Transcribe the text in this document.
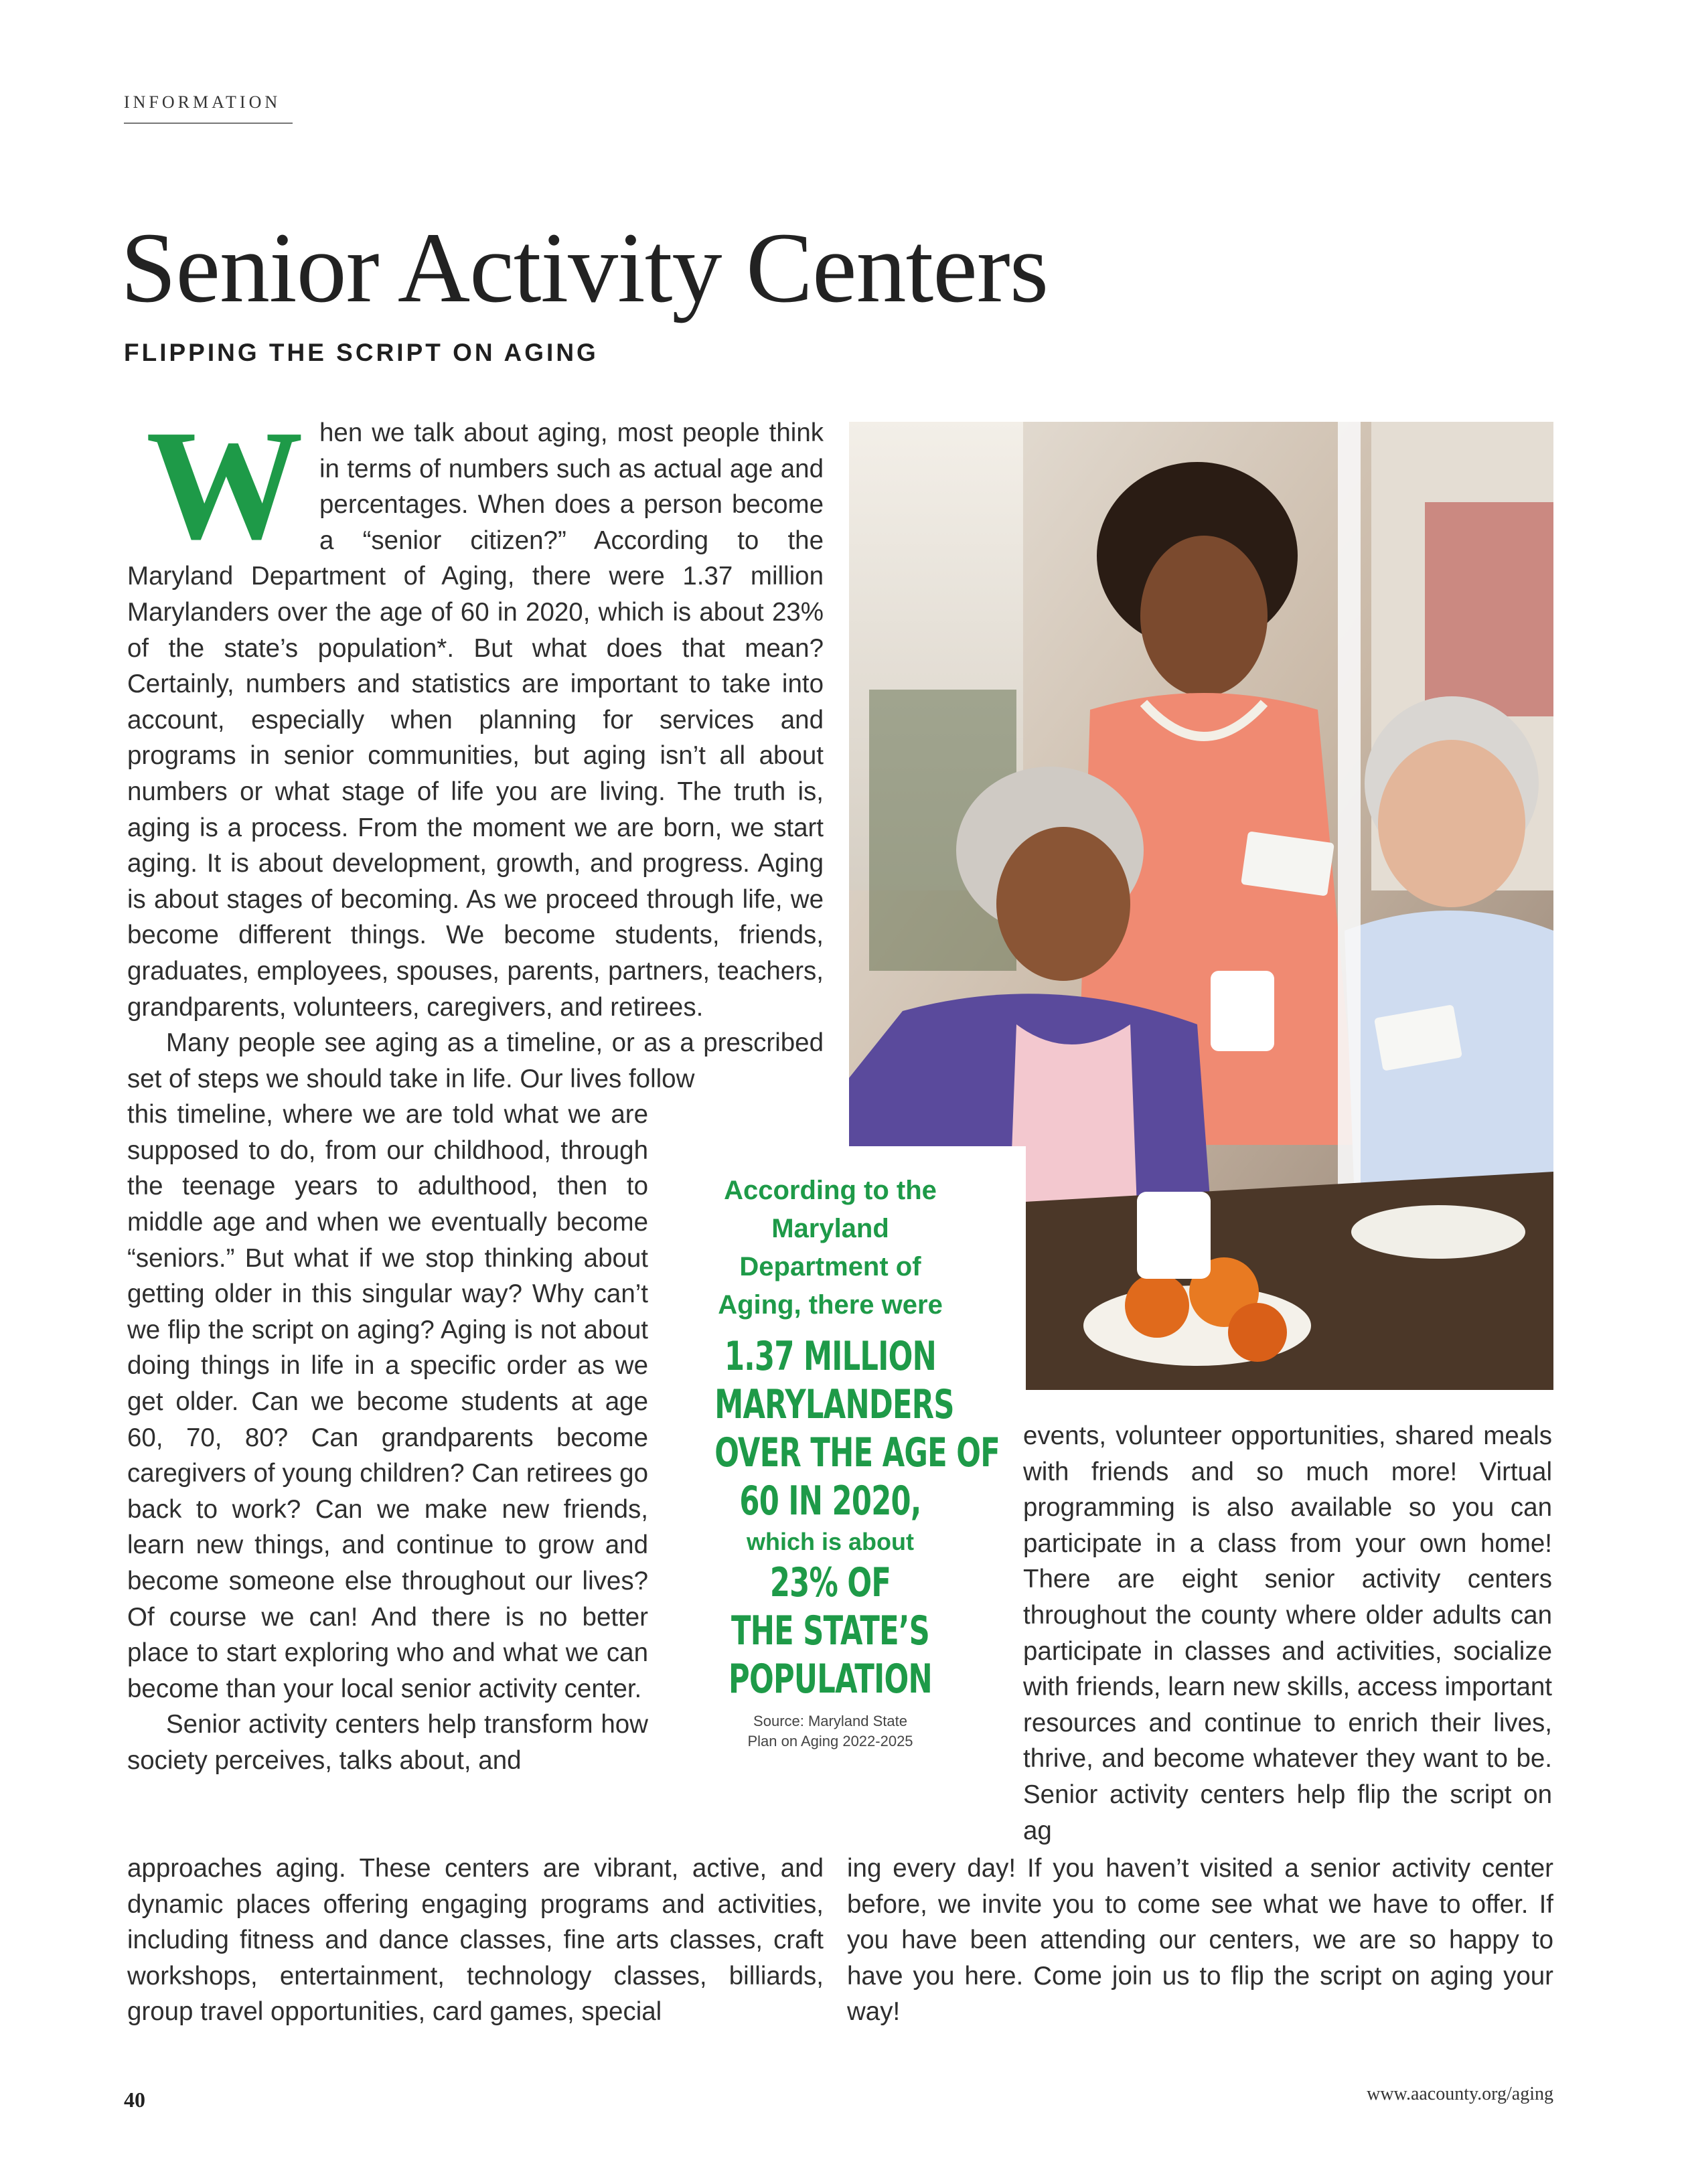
INFORMATION
Senior Activity Centers
FLIPPING THE SCRIPT ON AGING

W hen we talk about aging, most people think in terms of numbers such as actual age and percentages. When does a person become a “senior citizen?” According to the Maryland Department of Aging, there were 1.37 million Marylanders over the age of 60 in 2020, which is about 23% of the state’s population*. But what does that mean? Certainly, numbers and statistics are important to take into account, especially when planning for services and programs in senior communities, but aging isn’t all about numbers or what stage of life you are living. The truth is, aging is a process. From the moment we are born, we start aging. It is about development, growth, and progress. Aging is about stages of becoming. As we proceed through life, we become different things. We become students, friends, graduates, employees, spouses, parents, partners, teachers, grandparents, volunteers, caregivers, and retirees.

Many people see aging as a timeline, or as a prescribed set of steps we should take in life. Our lives follow

this timeline, where we are told what we are supposed to do, from our childhood, through the teenage years to adulthood, then to middle age and when we eventually become “seniors.” But what if we stop thinking about getting older in this singular way? Why can’t we flip the script on aging? Aging is not about doing things in life in a specific order as we get older. Can we become students at age 60, 70, 80? Can grandparents become caregivers of young children? Can retirees go back to work? Can we make new friends, learn new things, and continue to grow and become someone else throughout our lives? Of course we can! And there is no better place to start exploring who and what we can become than your local senior activity center.

Senior activity centers help transform how society perceives, talks about, and

According to the Maryland Department of Aging, there were
1.37 MILLION
MARYLANDERS
OVER THE AGE OF
60 IN 2020,
which is about
23% OF
THE STATE’S
POPULATION
Source: Maryland State
Plan on Aging 2022-2025

events, volunteer opportunities, shared meals with friends and so much more! Virtual programming is also available so you can participate in a class from your own home! There are eight senior activity centers throughout the county where older adults can participate in classes and activities, socialize with friends, learn new skills, access important resources and continue to enrich their lives, thrive, and become whatever they want to be. Senior activity centers help flip the script on ag

approaches aging. These centers are vibrant, active, and dynamic places offering engaging programs and activities, including fitness and dance classes, fine arts classes, craft workshops, entertainment, technology classes, billiards, group travel opportunities, card games, special

ing every day! If you haven’t visited a senior activity center before, we invite you to come see what we have to offer. If you have been attending our centers, we are so happy to have you here. Come join us to flip the script on aging your way!

40	www.aacounty.org/aging
